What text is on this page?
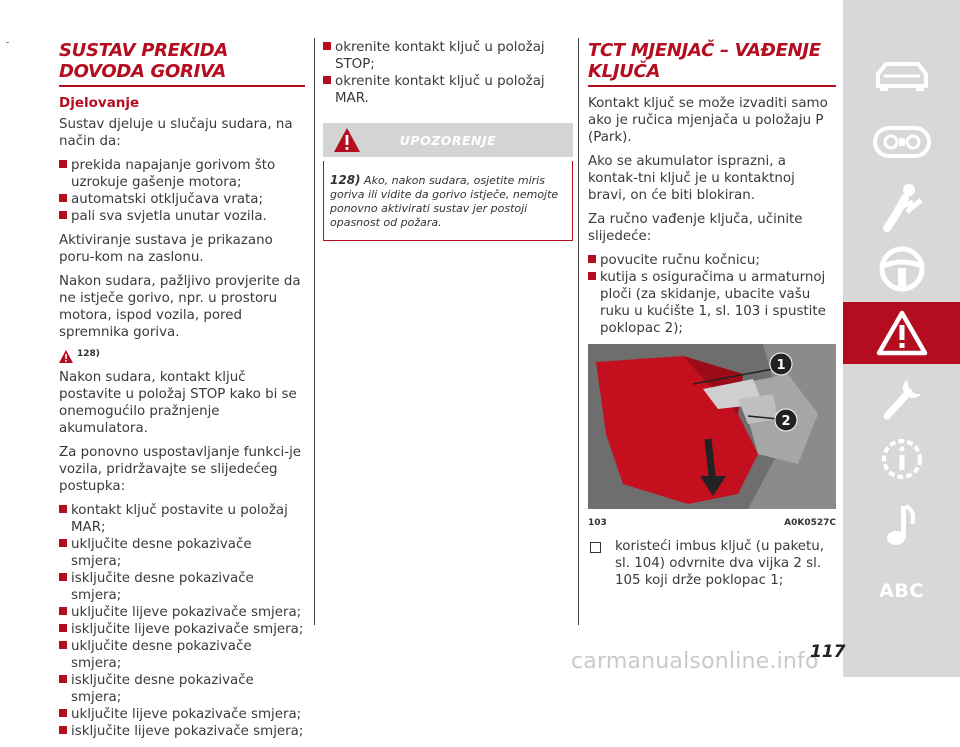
SUSTAV PREKIDA DOVODA GORIVA
Djelovanje

Sustav djeluje u slučaju sudara, na način da:

prekida napajanje gorivom što uzrokuje gašenje motora;
automatski otključava vrata;
pali sva svjetla unutar vozila.

Aktiviranje sustava je prikazano poru-kom na zaslonu.

Nakon sudara, pažljivo provjerite da ne istječe gorivo, npr. u prostoru motora, ispod vozila, pored spremnika goriva.

128)

Nakon sudara, kontakt ključ postavite u položaj STOP kako bi se onemogućilo pražnjenje akumulatora.

Za ponovno uspostavljanje funkci-je vozila, pridržavajte se slijedećeg postupka:

kontakt ključ postavite u položaj MAR;
uključite desne pokazivače smjera;
isključite desne pokazivače smjera;
uključite lijeve pokazivače smjera;
isključite lijeve pokazivače smjera;
uključite desne pokazivače smjera;
isključite desne pokazivače smjera;
uključite lijeve pokazivače smjera;
isključite lijeve pokazivače smjera;
okrenite kontakt ključ u položaj STOP;
okrenite kontakt ključ u položaj MAR.
UPOZORENJE
128) Ako, nakon sudara, osjetite miris goriva ili vidite da gorivo istječe, nemojte ponovno aktivirati sustav jer postoji opasnost od požara.
TCT MJENJAČ – VAĐENJE KLJUČA

Kontakt ključ se može izvaditi samo ako je ručica mjenjača u položaju P (Park).

Ako se akumulator isprazni, a kontak-tni ključ je u kontaktnoj bravi, on će biti blokiran.

Za ručno vađenje ključa, učinite slijedeće:

povucite ručnu kočnicu;
kutija s osiguračima u armaturnoj ploči (za skidanje, ubacite vašu ruku u kućište 1, sl. 103 i spustite poklopac 2);
1
2
103	A0K0527C
koristeći imbus ključ (u paketu, sl. 104) odvrnite dva vijka 2 sl. 105 koji drže poklopac 1;	ABC
carmanualsonline.info
117
